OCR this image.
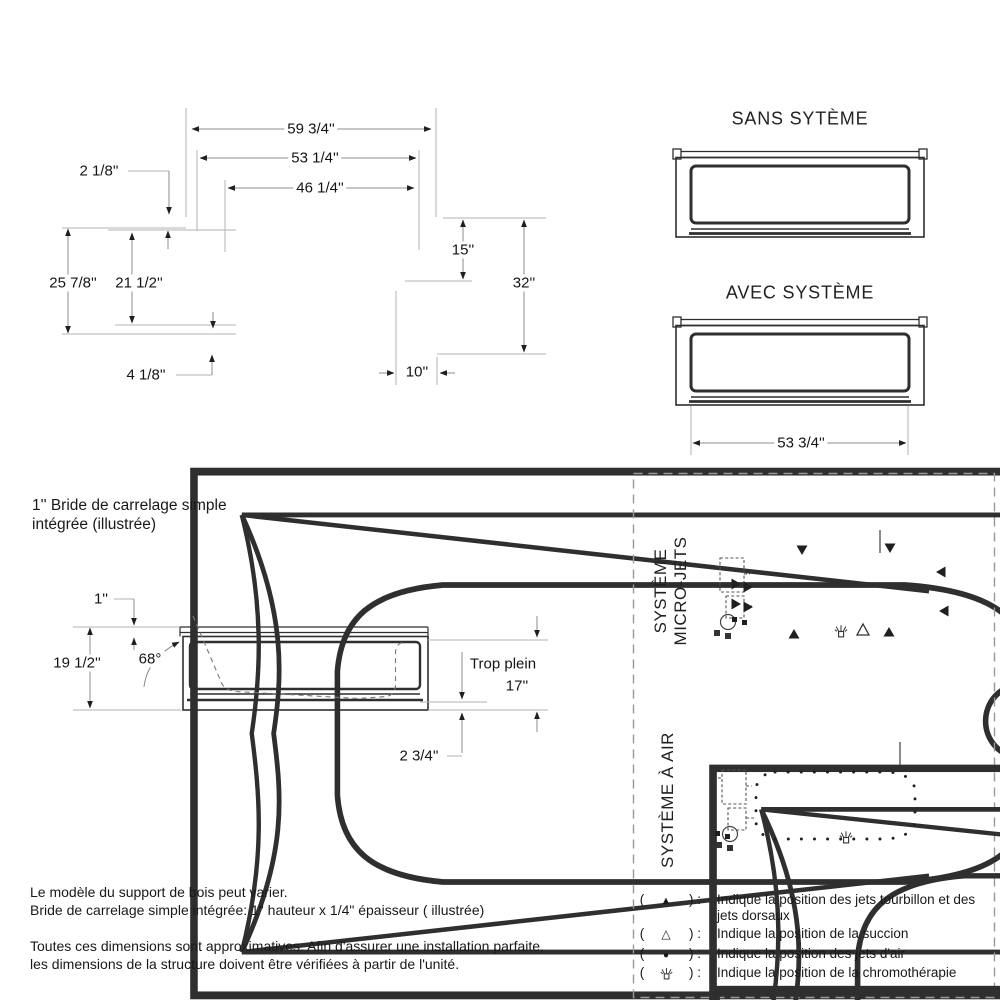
59 3/4''
53 1/4''
46 1/4''
2 1/8''
25 7/8'' 21 1/2''
15''
32''
4 1/8''	10''
SANS SYTÈME
AVEC SYSTÈME
53 3/4''
1'' Bride de carrelage simple
intégrée (illustrée)
1''
19 1/2''	68°	Trop plein
17''
2 3/4''
SYSTÈME MICRO-JETS
SYSTÈME À AIR
(	▲	) :	Indique la position des jets tourbillon et des jets dorsaux
(	△	) :	Indique la position de la succion
(	●	) :	Indique la position des jets d'air
(	) :	Indique la position de la chromothérapie
Le modèle du support de bois peut varier.
Bride de carrelage simple intégrée: 1" hauteur x 1/4" épaisseur ( illustrée)
Toutes ces dimensions sont approximatives. Afin d'assurer une installation parfaite,
les dimensions de la structure doivent être vérifiées à partir de l'unité.
